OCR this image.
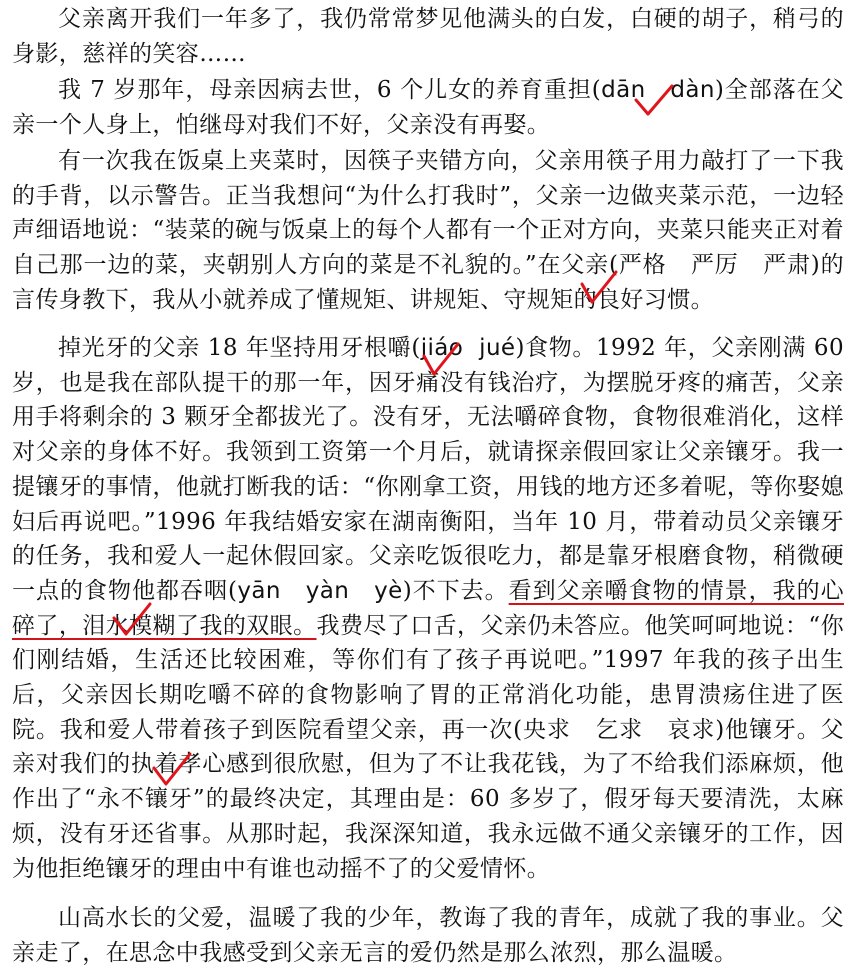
父亲离开我们一年多了，我仍常常梦见他满头的白发，白硬的胡子，稍弓的身影，慈祥的笑容……

我 7 岁那年，母亲因病去世，6 个儿女的养育重担(dān dàn)全部落在父亲一个人身上，怕继母对我们不好，父亲没有再娶。

有一次我在饭桌上夹菜时，因筷子夹错方向，父亲用筷子用力敲打了一下我的手背，以示警告。正当我想问“为什么打我时”，父亲一边做夹菜示范，一边轻声细语地说：“装菜的碗与饭桌上的每个人都有一个正对方向，夹菜只能夹正对着自己那一边的菜，夹朝别人方向的菜是不礼貌的。”在父亲(严格 严厉 严肃)的言传身教下，我从小就养成了懂规矩、讲规矩、守规矩的良好习惯。

掉光牙的父亲 18 年坚持用牙根嚼(jiáo jué)食物。1992 年，父亲刚满 60 岁，也是我在部队提干的那一年，因牙痛没有钱治疗，为摆脱牙疼的痛苦，父亲用手将剩余的 3 颗牙全都拔光了。没有牙，无法嚼碎食物，食物很难消化，这样对父亲的身体不好。我领到工资第一个月后，就请探亲假回家让父亲镶牙。我一提镶牙的事情，他就打断我的话：“你刚拿工资，用钱的地方还多着呢，等你娶媳妇后再说吧。”1996 年我结婚安家在湖南衡阳，当年 10 月，带着动员父亲镶牙的任务，我和爱人一起休假回家。父亲吃饭很吃力，都是靠牙根磨食物，稍微硬一点的食物他都吞咽(yān yàn yè)不下去。看到父亲嚼食物的情景，我的心碎了，泪水模糊了我的双眼。我费尽了口舌，父亲仍未答应。他笑呵呵地说：“你们刚结婚，生活还比较困难，等你们有了孩子再说吧。”1997 年我的孩子出生后，父亲因长期吃嚼不碎的食物影响了胃的正常消化功能，患胃溃疡住进了医院。我和爱人带着孩子到医院看望父亲，再一次(央求 乞求 哀求)他镶牙。父亲对我们的执着孝心感到很欣慰，但为了不让我花钱，为了不给我们添麻烦，他作出了“永不镶牙”的最终决定，其理由是：60 多岁了，假牙每天要清洗，太麻烦，没有牙还省事。从那时起，我深深知道，我永远做不通父亲镶牙的工作，因为他拒绝镶牙的理由中有谁也动摇不了的父爱情怀。

山高水长的父爱，温暖了我的少年，教诲了我的青年，成就了我的事业。父亲走了，在思念中我感受到父亲无言的爱仍然是那么浓烈，那么温暖。
